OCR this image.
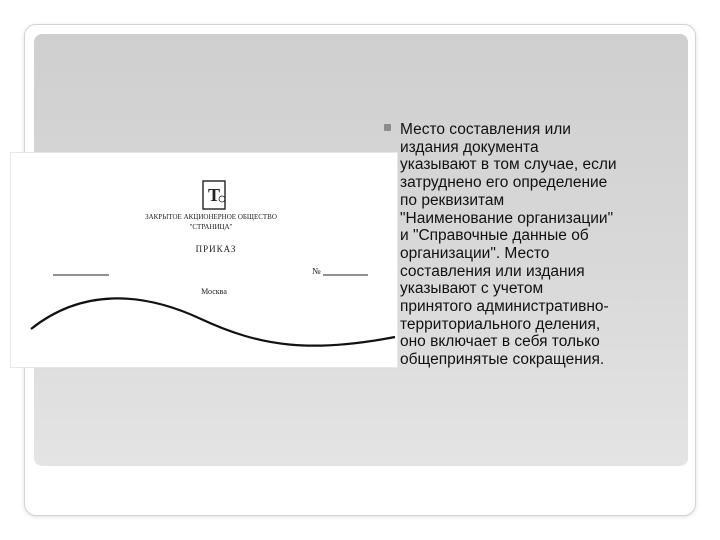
Т
ЗАКРЫТОЕ АКЦИОНЕРНОЕ ОБЩЕСТВО
"СТРАНИЦА"
ПРИКАЗ
№
Москва

Место составления или
издания документа
указывают в том случае, если
затруднено его определение
по реквизитам
"Наименование организации"
и "Справочные данные об
организации". Место
составления или издания
указывают с учетом
принятого административно-
территориального деления,
оно включает в себя только
общепринятые сокращения.
